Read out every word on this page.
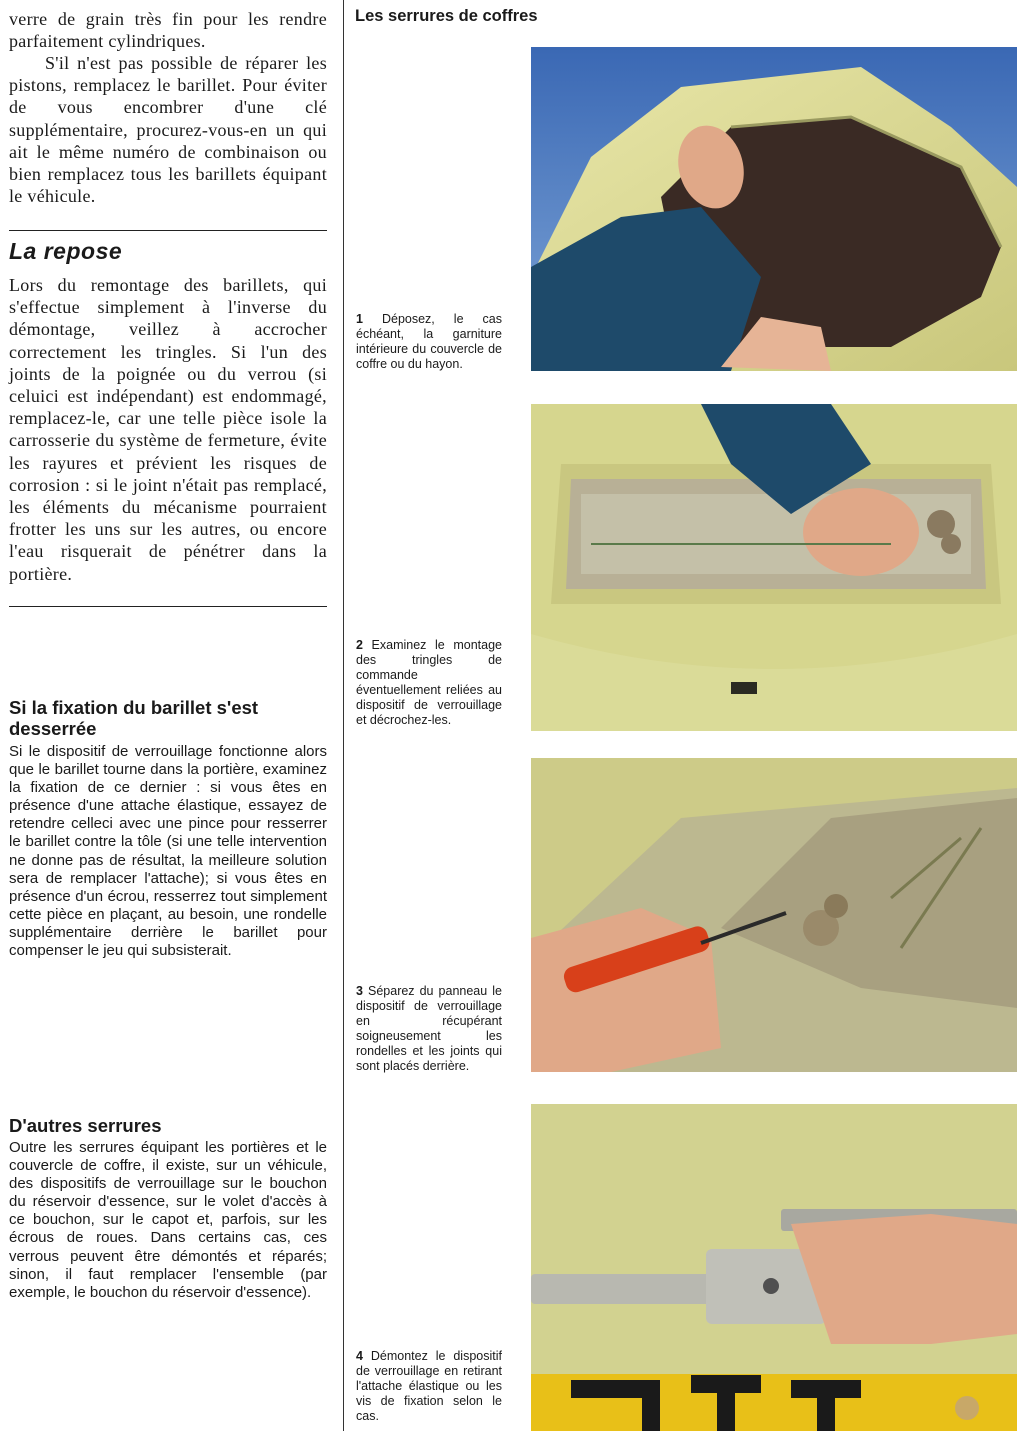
verre de grain très fin pour les rendre parfaitement cylindriques.

S'il n'est pas possible de réparer les pistons, remplacez le barillet. Pour éviter de vous encombrer d'une clé supplémentaire, procurez-vous-en un qui ait le même numéro de combinaison ou bien remplacez tous les barillets équipant le véhicule.

La repose

Lors du remontage des barillets, qui s'effectue simplement à l'inverse du démontage, veillez à accrocher correctement les tringles. Si l'un des joints de la poignée ou du verrou (si celuici est indépendant) est endommagé, remplacez-le, car une telle pièce isole la carrosserie du système de fermeture, évite les rayures et prévient les risques de corrosion : si le joint n'était pas remplacé, les éléments du mécanisme pourraient frotter les uns sur les autres, ou encore l'eau risquerait de pénétrer dans la portière.

Si la fixation du barillet s'est desserrée

Si le dispositif de verrouillage fonctionne alors que le barillet tourne dans la portière, examinez la fixation de ce dernier : si vous êtes en présence d'une attache élastique, essayez de retendre celleci avec une pince pour resserrer le barillet contre la tôle (si une telle intervention ne donne pas de résultat, la meilleure solution sera de remplacer l'attache); si vous êtes en présence d'un écrou, resserrez tout simplement cette pièce en plaçant, au besoin, une rondelle supplémentaire derrière le barillet pour compenser le jeu qui subsisterait.

D'autres serrures

Outre les serrures équipant les portières et le couvercle de coffre, il existe, sur un véhicule, des dispositifs de verrouillage sur le bouchon du réservoir d'essence, sur le volet d'accès à ce bouchon, sur le capot et, parfois, sur les écrous de roues. Dans certains cas, ces verrous peuvent être démontés et réparés; sinon, il faut remplacer l'ensemble (par exemple, le bouchon du réservoir d'essence).

Les serrures de coffres

1 Déposez, le cas échéant, la garniture intérieure du couvercle de coffre ou du hayon.

2 Examinez le montage des tringles de commande éventuellement reliées au dispositif de verrouillage et décrochez-les.

3 Séparez du panneau le dispositif de verrouillage en récupérant soigneusement les rondelles et les joints qui sont placés derrière.

4 Démontez le dispositif de verrouillage en retirant l'attache élastique ou les vis de fixation selon le cas.
